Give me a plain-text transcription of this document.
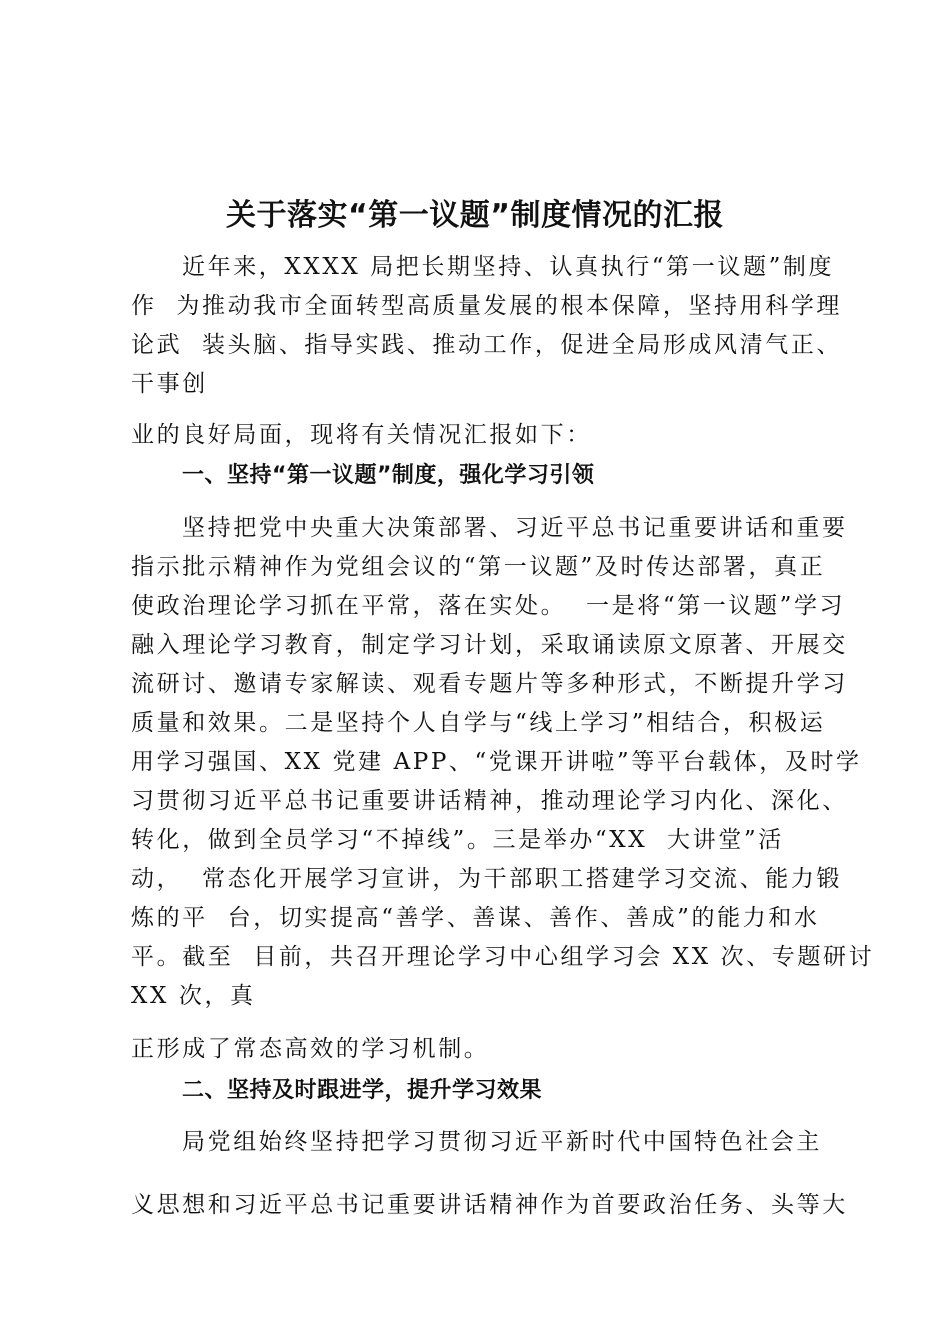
关于落实“第一议题”制度情况的汇报
近年来，XXXX 局把长期坚持、认真执行“第一议题”制度
作  为推动我市全面转型高质量发展的根本保障，坚持用科学理
论武  装头脑、指导实践、推动工作，促进全局形成风清气正、
干事创
业的良好局面，现将有关情况汇报如下：
一、坚持“第一议题”制度，强化学习引领
坚持把党中央重大决策部署、习近平总书记重要讲话和重要
指示批示精神作为党组会议的“第一议题”及时传达部署，真正
使政治理论学习抓在平常，落在实处。  一是将“第一议题”学习
融入理论学习教育，制定学习计划，采取诵读原文原著、开展交
流研讨、邀请专家解读、观看专题片等多种形式，不断提升学习
质量和效果。二是坚持个人自学与“线上学习”相结合，积极运
用学习强国、XX 党建 APP、“党课开讲啦”等平台载体，及时学
习贯彻习近平总书记重要讲话精神，推动理论学习内化、深化、
转化，做到全员学习“不掉线”。三是举办“XX  大讲堂”活
动，  常态化开展学习宣讲，为干部职工搭建学习交流、能力锻
炼的平  台，切实提高“善学、善谋、善作、善成”的能力和水
平。截至  目前，共召开理论学习中心组学习会 XX 次、专题研讨
XX 次，真
正形成了常态高效的学习机制。
二、坚持及时跟进学，提升学习效果
局党组始终坚持把学习贯彻习近平新时代中国特色社会主
义思想和习近平总书记重要讲话精神作为首要政治任务、头等大
